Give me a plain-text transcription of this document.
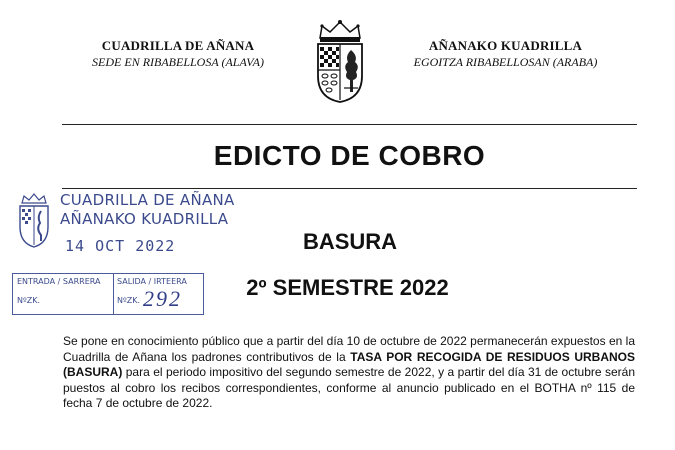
CUADRILLA DE AÑANA
SEDE EN RIBABELLOSA (ALAVA)
AÑANAKO KUADRILLA
EGOITZA RIBABELLOSAN (ARABA)
EDICTO DE COBRO
CUADRILLA DE AÑANA
AÑANAKO KUADRILLA
14 OCT 2022
ENTRADA / SARRERA SALIDA / IRTEERA
NºZK.	NºZK. 292
BASURA
2º SEMESTRE 2022
Se pone en conocimiento público que a partir del día 10 de octubre de 2022 permanecerán expuestos en la Cuadrilla de Añana los padrones contributivos de la TASA POR RECOGIDA DE RESIDUOS URBANOS (BASURA) para el periodo impositivo del segundo semestre de 2022, y a partir del día 31 de octubre serán puestos al cobro los recibos correspondientes, conforme al anuncio publicado en el BOTHA nº 115 de fecha 7 de octubre de 2022.
